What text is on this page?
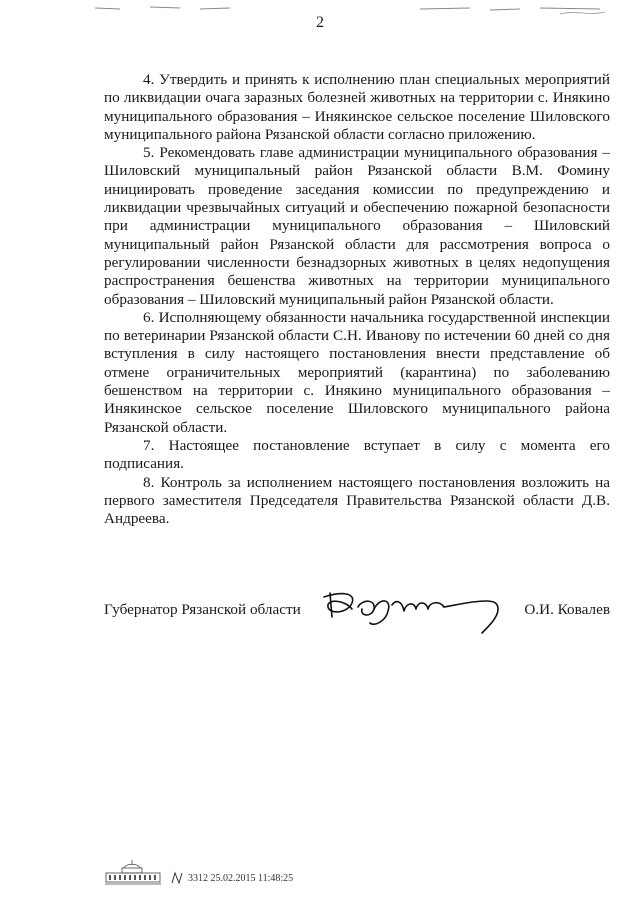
2

4. Утвердить и принять к исполнению план специальных мероприятий по ликвидации очага заразных болезней животных на территории с. Инякино муниципального образования – Инякинское сельское поселение Шиловского муниципального района Рязанской области согласно приложению.

5. Рекомендовать главе администрации муниципального образования – Шиловский муниципальный район Рязанской области В.М. Фомину инициировать проведение заседания комиссии по предупреждению и ликвидации чрезвычайных ситуаций и обеспечению пожарной безопасности при администрации муниципального образования – Шиловский муниципальный район Рязанской области для рассмотрения вопроса о регулировании численности безнадзорных животных в целях недопущения распространения бешенства животных на территории муниципального образования – Шиловский муниципальный район Рязанской области.

6. Исполняющему обязанности начальника государственной инспекции по ветеринарии Рязанской области С.Н. Иванову по истечении 60 дней со дня вступления в силу настоящего постановления внести представление об отмене ограничительных мероприятий (карантина) по заболеванию бешенством на территории с. Инякино муниципального образования – Инякинское сельское поселение Шиловского муниципального района Рязанской области.

7. Настоящее постановление вступает в силу с момента его подписания.

8. Контроль за исполнением настоящего постановления возложить на первого заместителя Председателя Правительства Рязанской области Д.В. Андреева.

Губернатор Рязанской области	О.И. Ковалев
3312 25.02.2015 11:48:25
